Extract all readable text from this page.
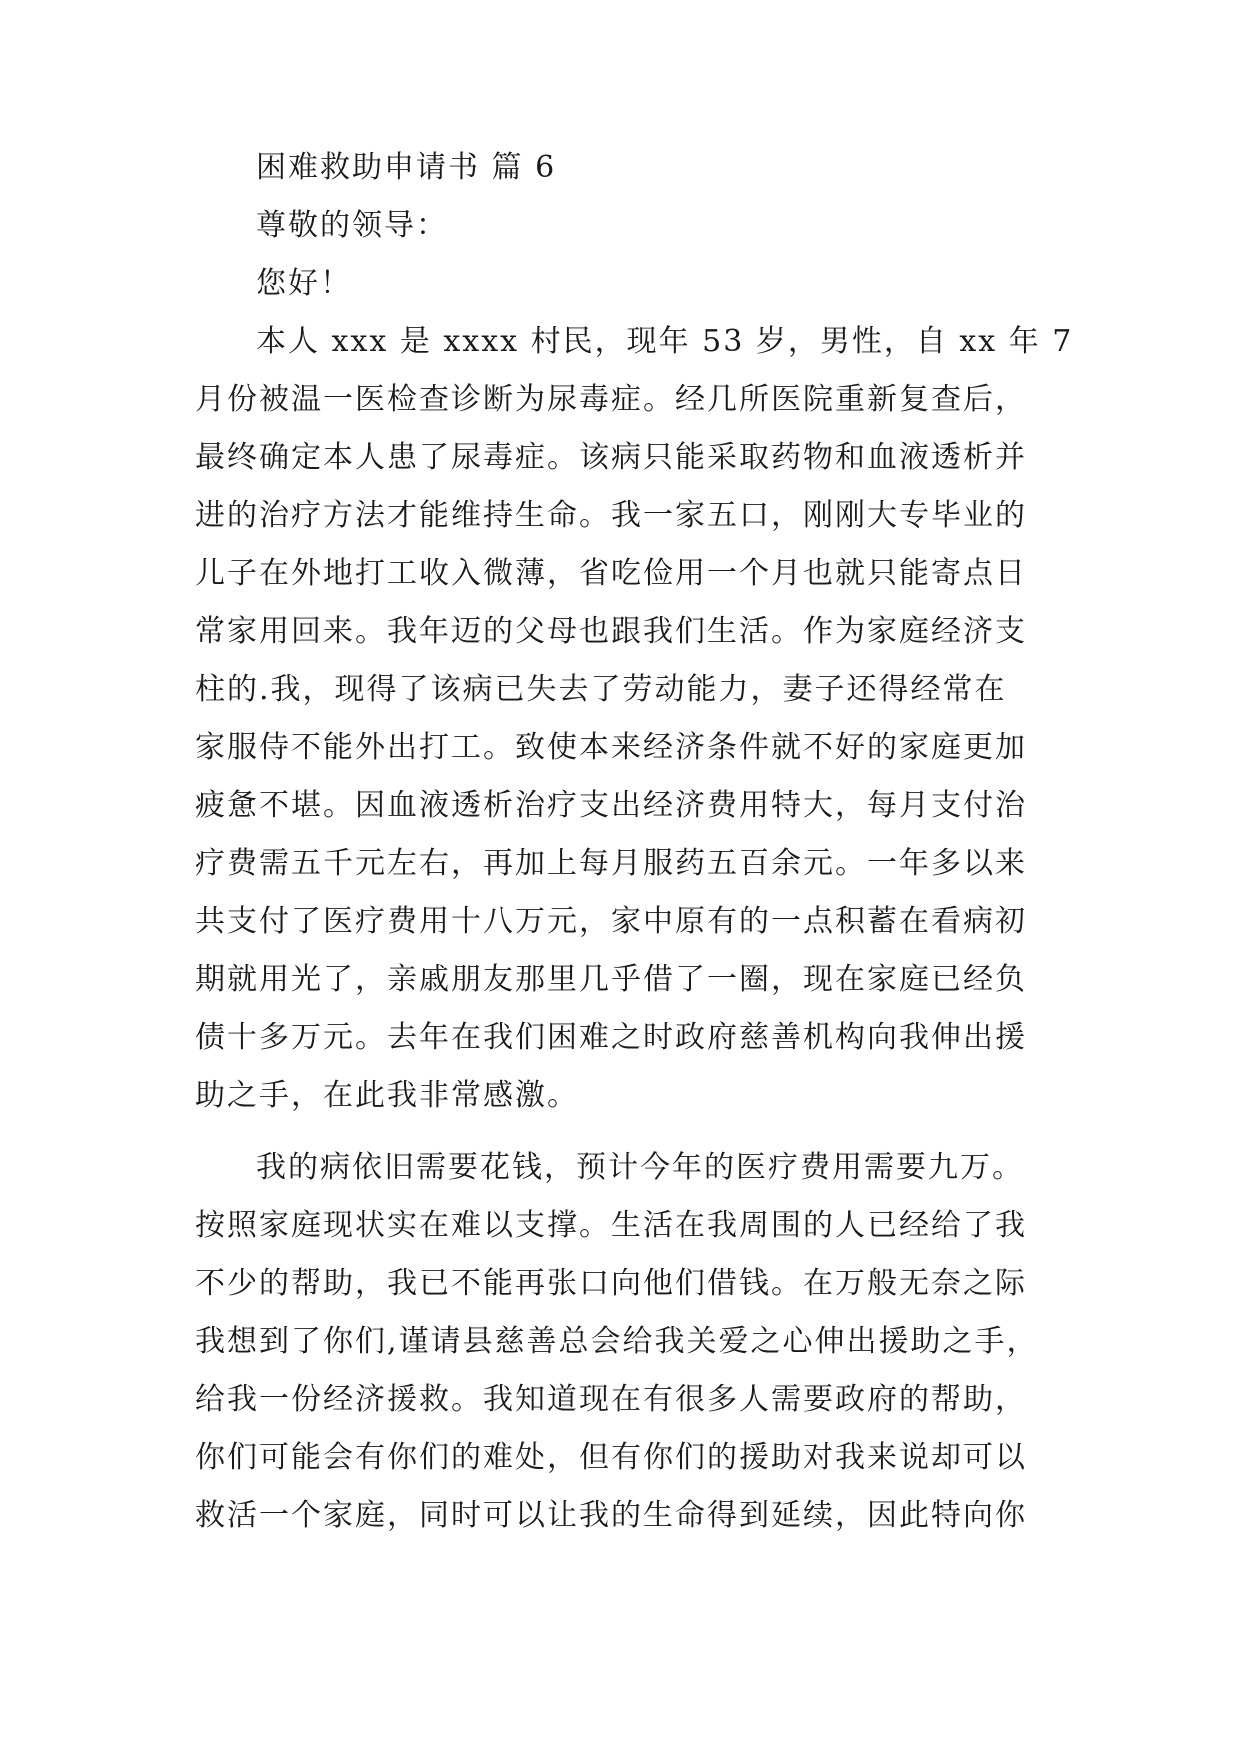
困难救助申请书 篇 6
尊敬的领导：
您好！
本人 xxx 是 xxxx 村民，现年 53 岁，男性，自 xx 年 7
月份被温一医检查诊断为尿毒症。经几所医院重新复查后，
最终确定本人患了尿毒症。该病只能采取药物和血液透析并
进的治疗方法才能维持生命。我一家五口，刚刚大专毕业的
儿子在外地打工收入微薄，省吃俭用一个月也就只能寄点日
常家用回来。我年迈的父母也跟我们生活。作为家庭经济支
柱的.我，现得了该病已失去了劳动能力，妻子还得经常在
家服侍不能外出打工。致使本来经济条件就不好的家庭更加
疲惫不堪。因血液透析治疗支出经济费用特大，每月支付治
疗费需五千元左右，再加上每月服药五百余元。一年多以来
共支付了医疗费用十八万元，家中原有的一点积蓄在看病初
期就用光了，亲戚朋友那里几乎借了一圈，现在家庭已经负
债十多万元。去年在我们困难之时政府慈善机构向我伸出援
助之手，在此我非常感激。
我的病依旧需要花钱，预计今年的医疗费用需要九万。
按照家庭现状实在难以支撑。生活在我周围的人已经给了我
不少的帮助，我已不能再张口向他们借钱。在万般无奈之际
我想到了你们,谨请县慈善总会给我关爱之心伸出援助之手，
给我一份经济援救。我知道现在有很多人需要政府的帮助，
你们可能会有你们的难处，但有你们的援助对我来说却可以
救活一个家庭，同时可以让我的生命得到延续，因此特向你
